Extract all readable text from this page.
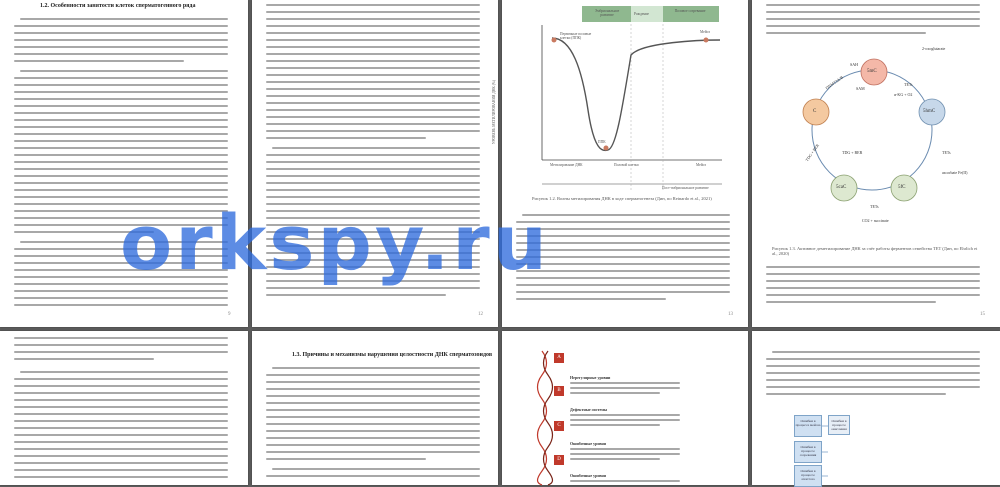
1.2. Особенности занятости клеток сперматогенного ряда
9	12
Эмбриональное развитие	Рождение
Половое созревание
УРОВЕНЬ МЕТИЛИРОВАНИЯ ДНК (%)
Первичные половые клетки (ППК)
ППК
Мейоз
Метилирование ДНК	Половой клетки	Мейоз
Пост-эмбриональное развитие
Рисунок 1.2. Волны метилирования ДНК в ходе сперматогенеза (Дин, по Reinardo et al., 2021)
13
C
5mC
5hmC
5caC	5fC
DNMT3A/B	TETs
TETs
TETs
TDG + BER
ascorbate Fe(II)
CO2 + succinate
α-KG + O2
TDG + BER
SAM
SAH
2-oxoglutarate
Рисунок 1.3. Активное деметилирование ДНК за счёт работы ферментов семейства TET (Дин, по Ehrlich et al., 2020)
15
1.3. Причины и механизмы нарушения целостности ДНК сперматозоидов	A
B
C
D
Нерегулярные уровни
Дефектные системы
Ошибочные уровни
Ошибочные уровни
Ошибки в процессе мейоза
Ошибки в процессе созревания
Ошибки в процессе апоптоза
Ошибки в процессе окисления
orkspy.ru
